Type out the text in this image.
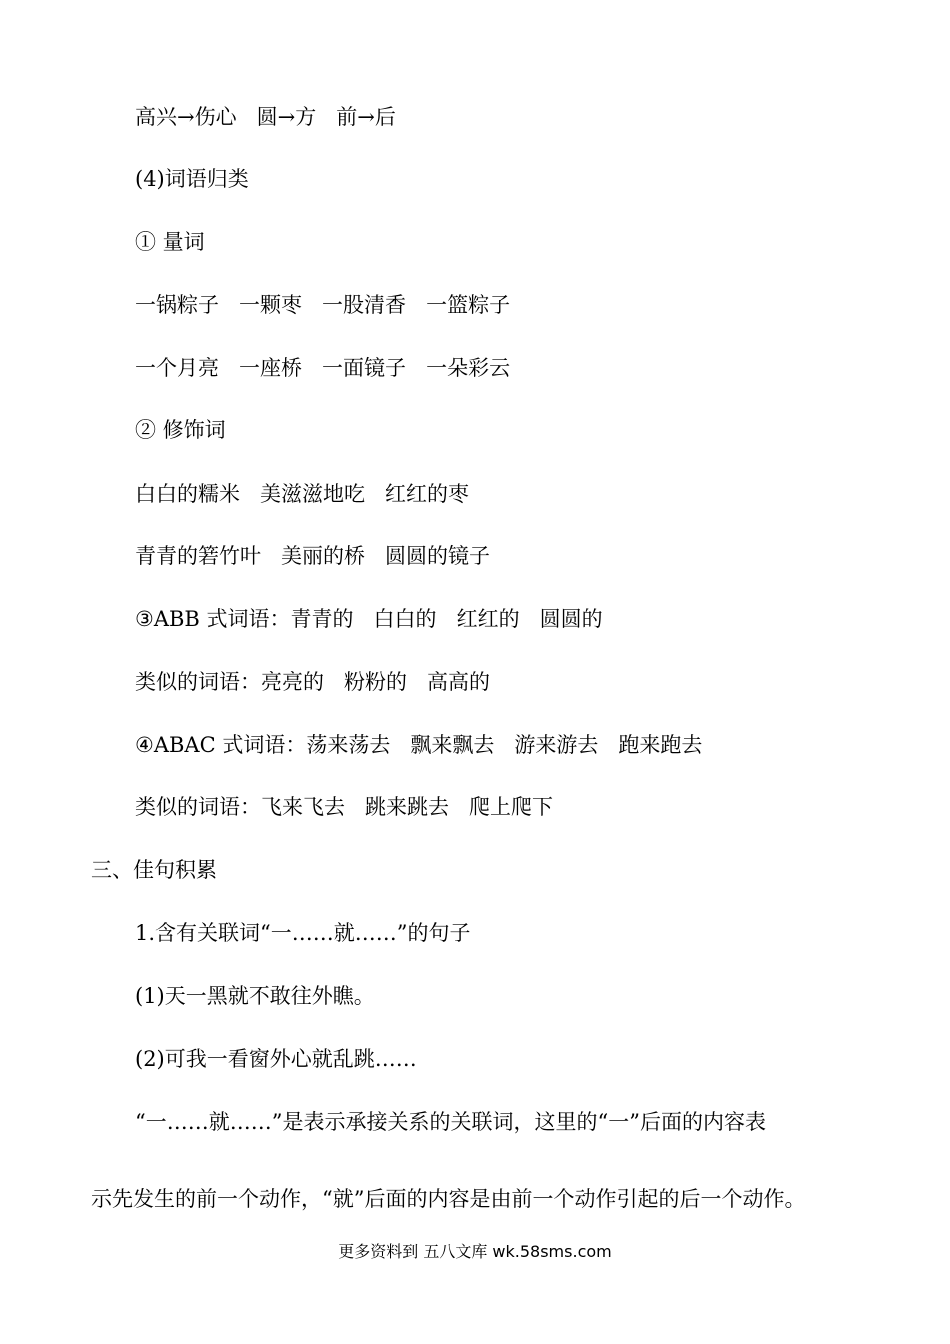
高兴→伤心   圆→方   前→后
(4)词语归类
① 量词
一锅粽子   一颗枣   一股清香   一篮粽子
一个月亮   一座桥   一面镜子   一朵彩云
② 修饰词
白白的糯米   美滋滋地吃   红红的枣
青青的箬竹叶   美丽的桥   圆圆的镜子
③ABB 式词语：青青的   白白的   红红的   圆圆的
类似的词语：亮亮的   粉粉的   高高的
④ABAC 式词语：荡来荡去   飘来飘去   游来游去   跑来跑去
类似的词语：飞来飞去   跳来跳去   爬上爬下
三、佳句积累
1.含有关联词“一……就……”的句子
(1)天一黑就不敢往外瞧。
(2)可我一看窗外心就乱跳……
“一……就……”是表示承接关系的关联词，这里的“一”后面的内容表
示先发生的前一个动作，“就”后面的内容是由前一个动作引起的后一个动作。
更多资料到 五八文库 wk.58sms.com
